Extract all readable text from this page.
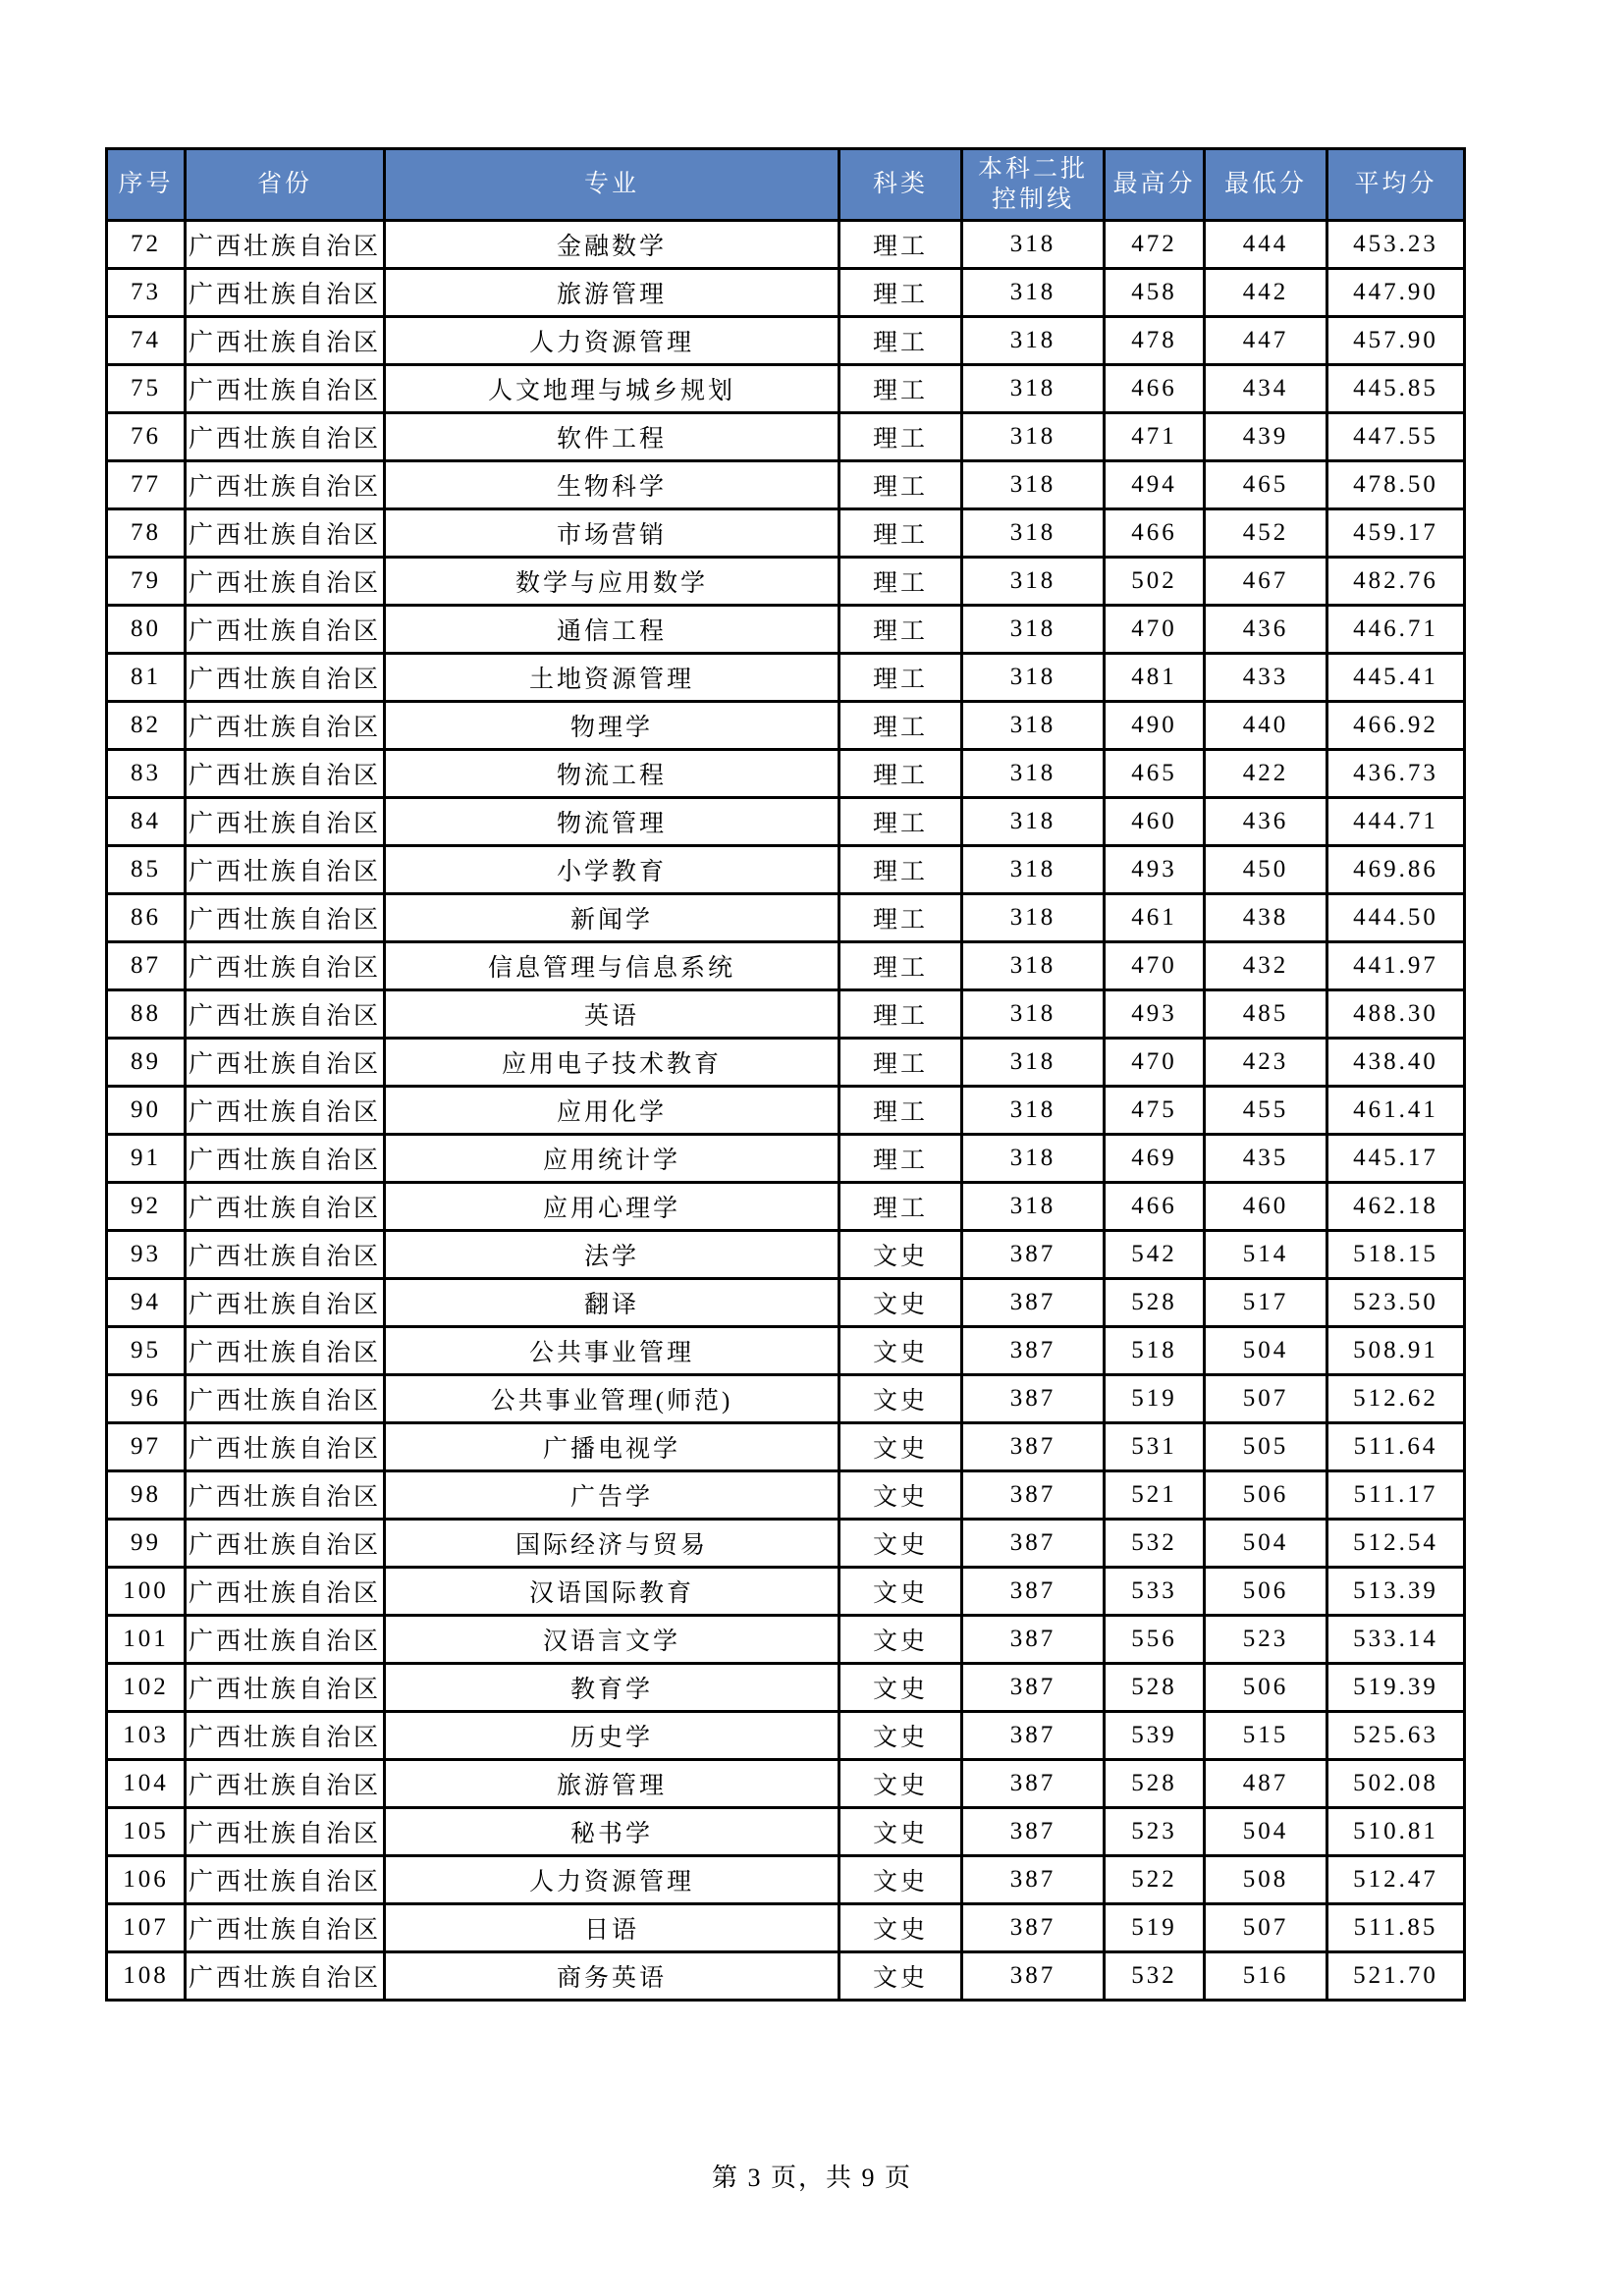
序号	省份	专业	科类	本科二批
控制线	最高分	最低分	平均分
72	广西壮族自治区	金融数学	理工	318	472	444	453.23
73	广西壮族自治区	旅游管理	理工	318	458	442	447.90
74	广西壮族自治区	人力资源管理	理工	318	478	447	457.90
75	广西壮族自治区	人文地理与城乡规划	理工	318	466	434	445.85
76	广西壮族自治区	软件工程	理工	318	471	439	447.55
77	广西壮族自治区	生物科学	理工	318	494	465	478.50
78	广西壮族自治区	市场营销	理工	318	466	452	459.17
79	广西壮族自治区	数学与应用数学	理工	318	502	467	482.76
80	广西壮族自治区	通信工程	理工	318	470	436	446.71
81	广西壮族自治区	土地资源管理	理工	318	481	433	445.41
82	广西壮族自治区	物理学	理工	318	490	440	466.92
83	广西壮族自治区	物流工程	理工	318	465	422	436.73
84	广西壮族自治区	物流管理	理工	318	460	436	444.71
85	广西壮族自治区	小学教育	理工	318	493	450	469.86
86	广西壮族自治区	新闻学	理工	318	461	438	444.50
87	广西壮族自治区	信息管理与信息系统	理工	318	470	432	441.97
88	广西壮族自治区	英语	理工	318	493	485	488.30
89	广西壮族自治区	应用电子技术教育	理工	318	470	423	438.40
90	广西壮族自治区	应用化学	理工	318	475	455	461.41
91	广西壮族自治区	应用统计学	理工	318	469	435	445.17
92	广西壮族自治区	应用心理学	理工	318	466	460	462.18
93	广西壮族自治区	法学	文史	387	542	514	518.15
94	广西壮族自治区	翻译	文史	387	528	517	523.50
95	广西壮族自治区	公共事业管理	文史	387	518	504	508.91
96	广西壮族自治区	公共事业管理(师范)	文史	387	519	507	512.62
97	广西壮族自治区	广播电视学	文史	387	531	505	511.64
98	广西壮族自治区	广告学	文史	387	521	506	511.17
99	广西壮族自治区	国际经济与贸易	文史	387	532	504	512.54
100	广西壮族自治区	汉语国际教育	文史	387	533	506	513.39
101	广西壮族自治区	汉语言文学	文史	387	556	523	533.14
102	广西壮族自治区	教育学	文史	387	528	506	519.39
103	广西壮族自治区	历史学	文史	387	539	515	525.63
104	广西壮族自治区	旅游管理	文史	387	528	487	502.08
105	广西壮族自治区	秘书学	文史	387	523	504	510.81
106	广西壮族自治区	人力资源管理	文史	387	522	508	512.47
107	广西壮族自治区	日语	文史	387	519	507	511.85
108	广西壮族自治区	商务英语	文史	387	532	516	521.70
第 3 页，共 9 页
